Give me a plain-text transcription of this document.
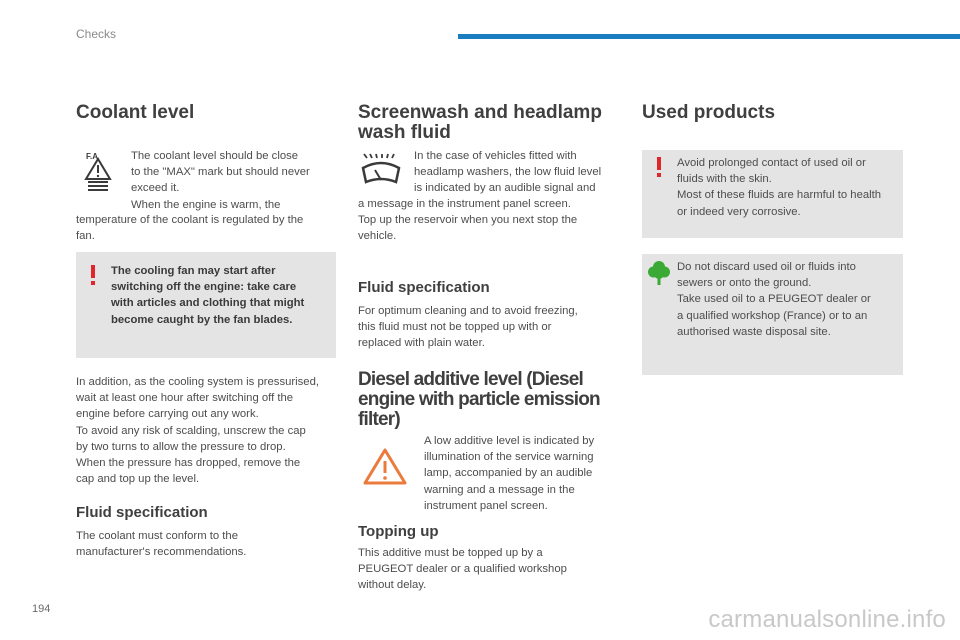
Checks
Coolant level
F.A	The coolant level should be close

to the "MAX" mark but should never

exceed it.

When the engine is warm, the

temperature of the coolant is regulated by the

fan.

The cooling fan may start after

switching off the engine: take care

with articles and clothing that might

become caught by the fan blades.

In addition, as the cooling system is pressurised,

wait at least one hour after switching off the

engine before carrying out any work.

To avoid any risk of scalding, unscrew the cap

by two turns to allow the pressure to drop.

When the pressure has dropped, remove the

cap and top up the level.

Fluid specification

The coolant must conform to the

manufacturer's recommendations.

Screenwash and headlamp
wash fluid

In the case of vehicles fitted with

headlamp washers, the low fluid level

is indicated by an audible signal and

a message in the instrument panel screen.

Top up the reservoir when you next stop the

vehicle.

Fluid specification

For optimum cleaning and to avoid freezing,

this fluid must not be topped up with or

replaced with plain water.

Diesel additive level (Diesel
engine with particle emission
filter)

A low additive level is indicated by

illumination of the service warning

lamp, accompanied by an audible

warning and a message in the

instrument panel screen.

Topping up

This additive must be topped up by a

PEUGEOT dealer or a qualified workshop

without delay.

Used products

Avoid prolonged contact of used oil or

fluids with the skin.

Most of these fluids are harmful to health

or indeed very corrosive.

Do not discard used oil or fluids into

sewers or onto the ground.

Take used oil to a PEUGEOT dealer or

a qualified workshop (France) or to an

authorised waste disposal site.

194	carmanualsonline.info
